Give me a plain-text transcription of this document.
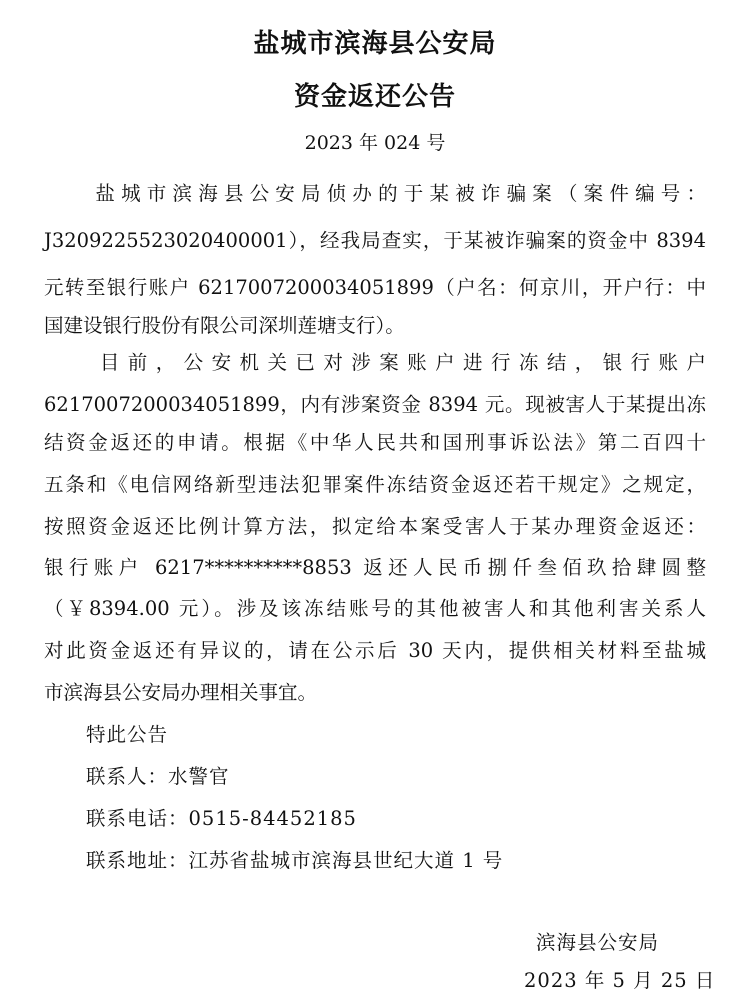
盐城市滨海县公安局
资金返还公告
2023 年 024 号
　　盐城市滨海县公安局侦办的于某被诈骗案（案件编号：
J3209225523020400001），经我局查实，于某被诈骗案的资金中 8394
元转至银行账户 6217007200034051899（户名：何京川，开户行：中
国建设银行股份有限公司深圳莲塘支行）。
　　目前，公安机关已对涉案账户进行冻结，银行账户
6217007200034051899，内有涉案资金 8394 元。现被害人于某提出冻
结资金返还的申请。根据《中华人民共和国刑事诉讼法》第二百四十
五条和《电信网络新型违法犯罪案件冻结资金返还若干规定》之规定，
按照资金返还比例计算方法，拟定给本案受害人于某办理资金返还：
银行账户 6217**********8853 返还人民币捌仟叁佰玖拾肆圆整
（￥8394.00 元）。涉及该冻结账号的其他被害人和其他利害关系人
对此资金返还有异议的，请在公示后 30 天内，提供相关材料至盐城
市滨海县公安局办理相关事宜。
特此公告
联系人：水警官
联系电话：0515-84452185
联系地址：江苏省盐城市滨海县世纪大道 1 号
滨海县公安局
2023 年 5 月 25 日
